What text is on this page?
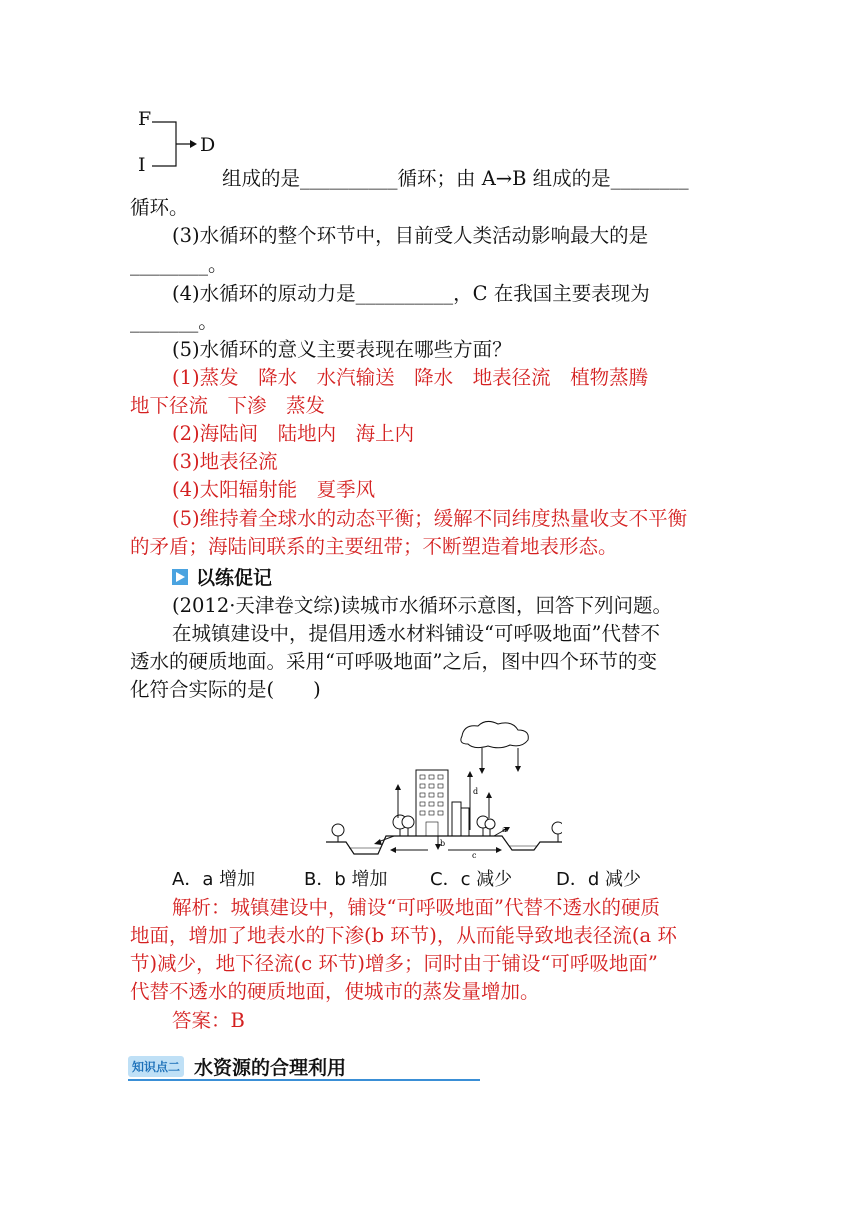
F
I
D
组成的是__________循环；由 A→B 组成的是________
循环。
(3)水循环的整个环节中，目前受人类活动影响最大的是
________。
(4)水循环的原动力是__________，C 在我国主要表现为
_______。
(5)水循环的意义主要表现在哪些方面？
(1)蒸发　降水　水汽输送　降水　地表径流　植物蒸腾
地下径流　下渗　蒸发
(2)海陆间　陆地内　海上内
(3)地表径流
(4)太阳辐射能　夏季风
(5)维持着全球水的动态平衡；缓解不同纬度热量收支不平衡
的矛盾；海陆间联系的主要纽带；不断塑造着地表形态。
以练促记
(2012·天津卷文综)读城市水循环示意图，回答下列问题。
在城镇建设中，提倡用透水材料铺设“可呼吸地面”代替不
透水的硬质地面。采用“可呼吸地面”之后，图中四个环节的变
化符合实际的是(　　)
d
a
b
c
A．a 增加	B．b 增加 C．c 减少 D．d 减少
解析：城镇建设中，铺设“可呼吸地面”代替不透水的硬质
地面，增加了地表水的下渗(b 环节)，从而能导致地表径流(a 环
节)减少，地下径流(c 环节)增多；同时由于铺设“可呼吸地面”
代替不透水的硬质地面，使城市的蒸发量增加。
答案：B
知识点二 水资源的合理利用
